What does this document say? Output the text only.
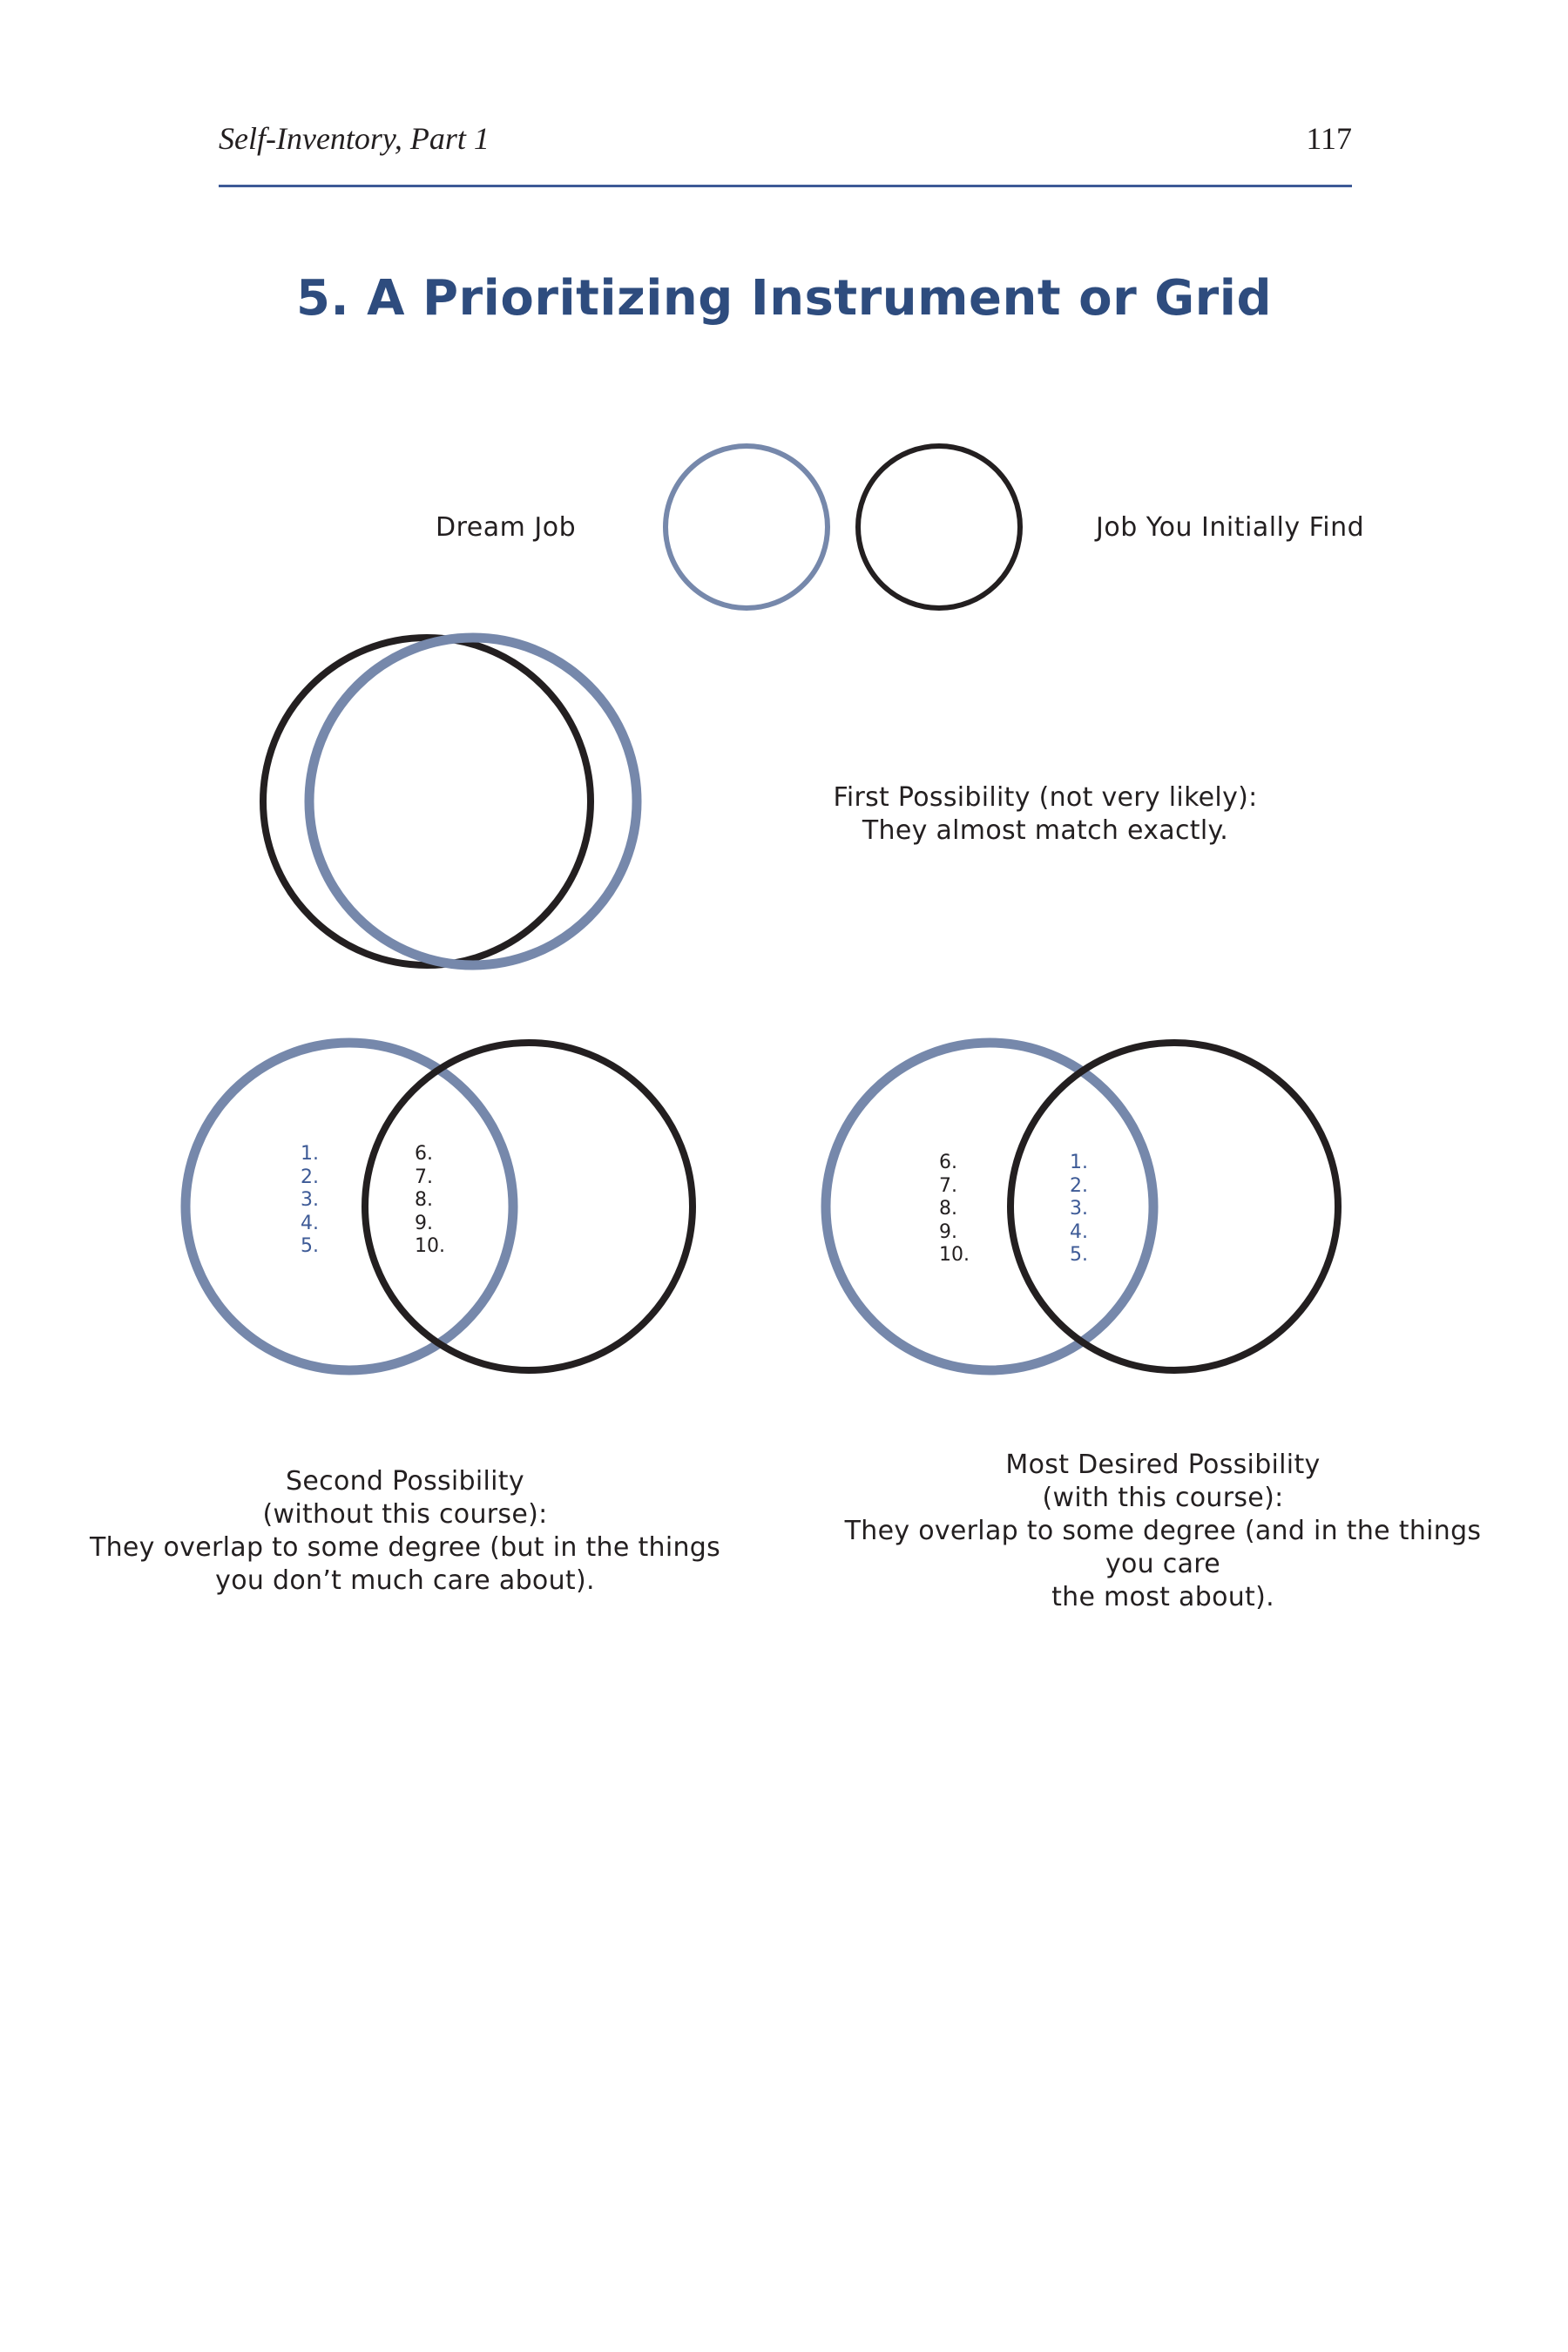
Self-Inventory, Part 1	117
5. A Prioritizing Instrument or Grid
Dream Job	Job You Initially Find
First Possibility (not very likely):
They almost match exactly.
1.
2.
3.
4.
5.
6.
7.
8.
9.
10.
6.
7.
8.
9.
10.
1.
2.
3.
4.
5.
Second Possibility
(without this course):
They overlap to some degree (but in the things
you don’t much care about).
Most Desired Possibility
(with this course):
They overlap to some degree (and in the things
you care
the most about).
